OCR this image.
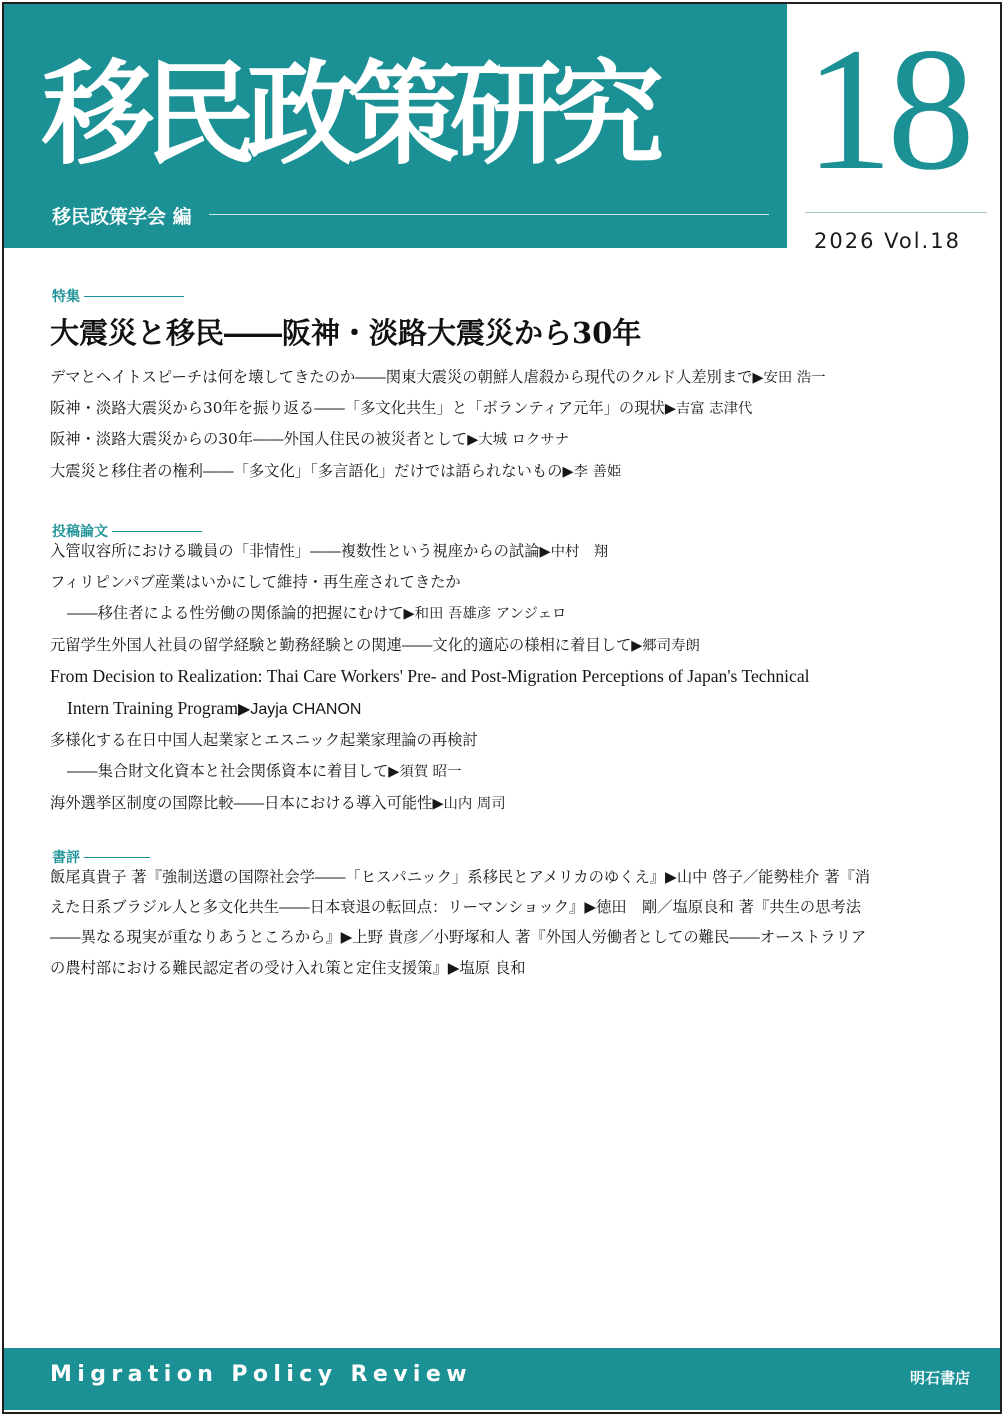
移民政策研究
移民政策学会 編
18
2026 Vol.18
特集
大震災と移民――阪神・淡路大震災から30年
デマとヘイトスピーチは何を壊してきたのか――関東大震災の朝鮮人虐殺から現代のクルド人差別まで▶安田 浩一
阪神・淡路大震災から30年を振り返る――「多文化共生」と「ボランティア元年」の現状▶吉富 志津代
阪神・淡路大震災からの30年――外国人住民の被災者として▶大城 ロクサナ
大震災と移住者の権利――「多文化」「多言語化」だけでは語られないもの▶李 善姫
投稿論文
入管収容所における職員の「非情性」――複数性という視座からの試論▶中村　翔
フィリピンパブ産業はいかにして維持・再生産されてきたか
――移住者による性労働の関係論的把握にむけて▶和田 吾雄彦 アンジェロ
元留学生外国人社員の留学経験と勤務経験との関連――文化的適応の様相に着目して▶郷司寿朗
From Decision to Realization: Thai Care Workers' Pre- and Post-Migration Perceptions of Japan's Technical
Intern Training Program▶Jayja CHANON
多様化する在日中国人起業家とエスニック起業家理論の再検討
――集合財文化資本と社会関係資本に着目して▶須賀 昭一
海外選挙区制度の国際比較――日本における導入可能性▶山内 周司
書評

飯尾真貴子 著『強制送還の国際社会学――「ヒスパニック」系移民とアメリカのゆくえ』▶山中 啓子／能勢桂介 著『消

えた日系ブラジル人と多文化共生――日本衰退の転回点：リーマンショック』▶徳田　剛／塩原良和 著『共生の思考法

――異なる現実が重なりあうところから』▶上野 貴彦／小野塚和人 著『外国人労働者としての難民――オーストラリア

の農村部における難民認定者の受け入れ策と定住支援策』▶塩原 良和

Migration Policy Review	明石書店
